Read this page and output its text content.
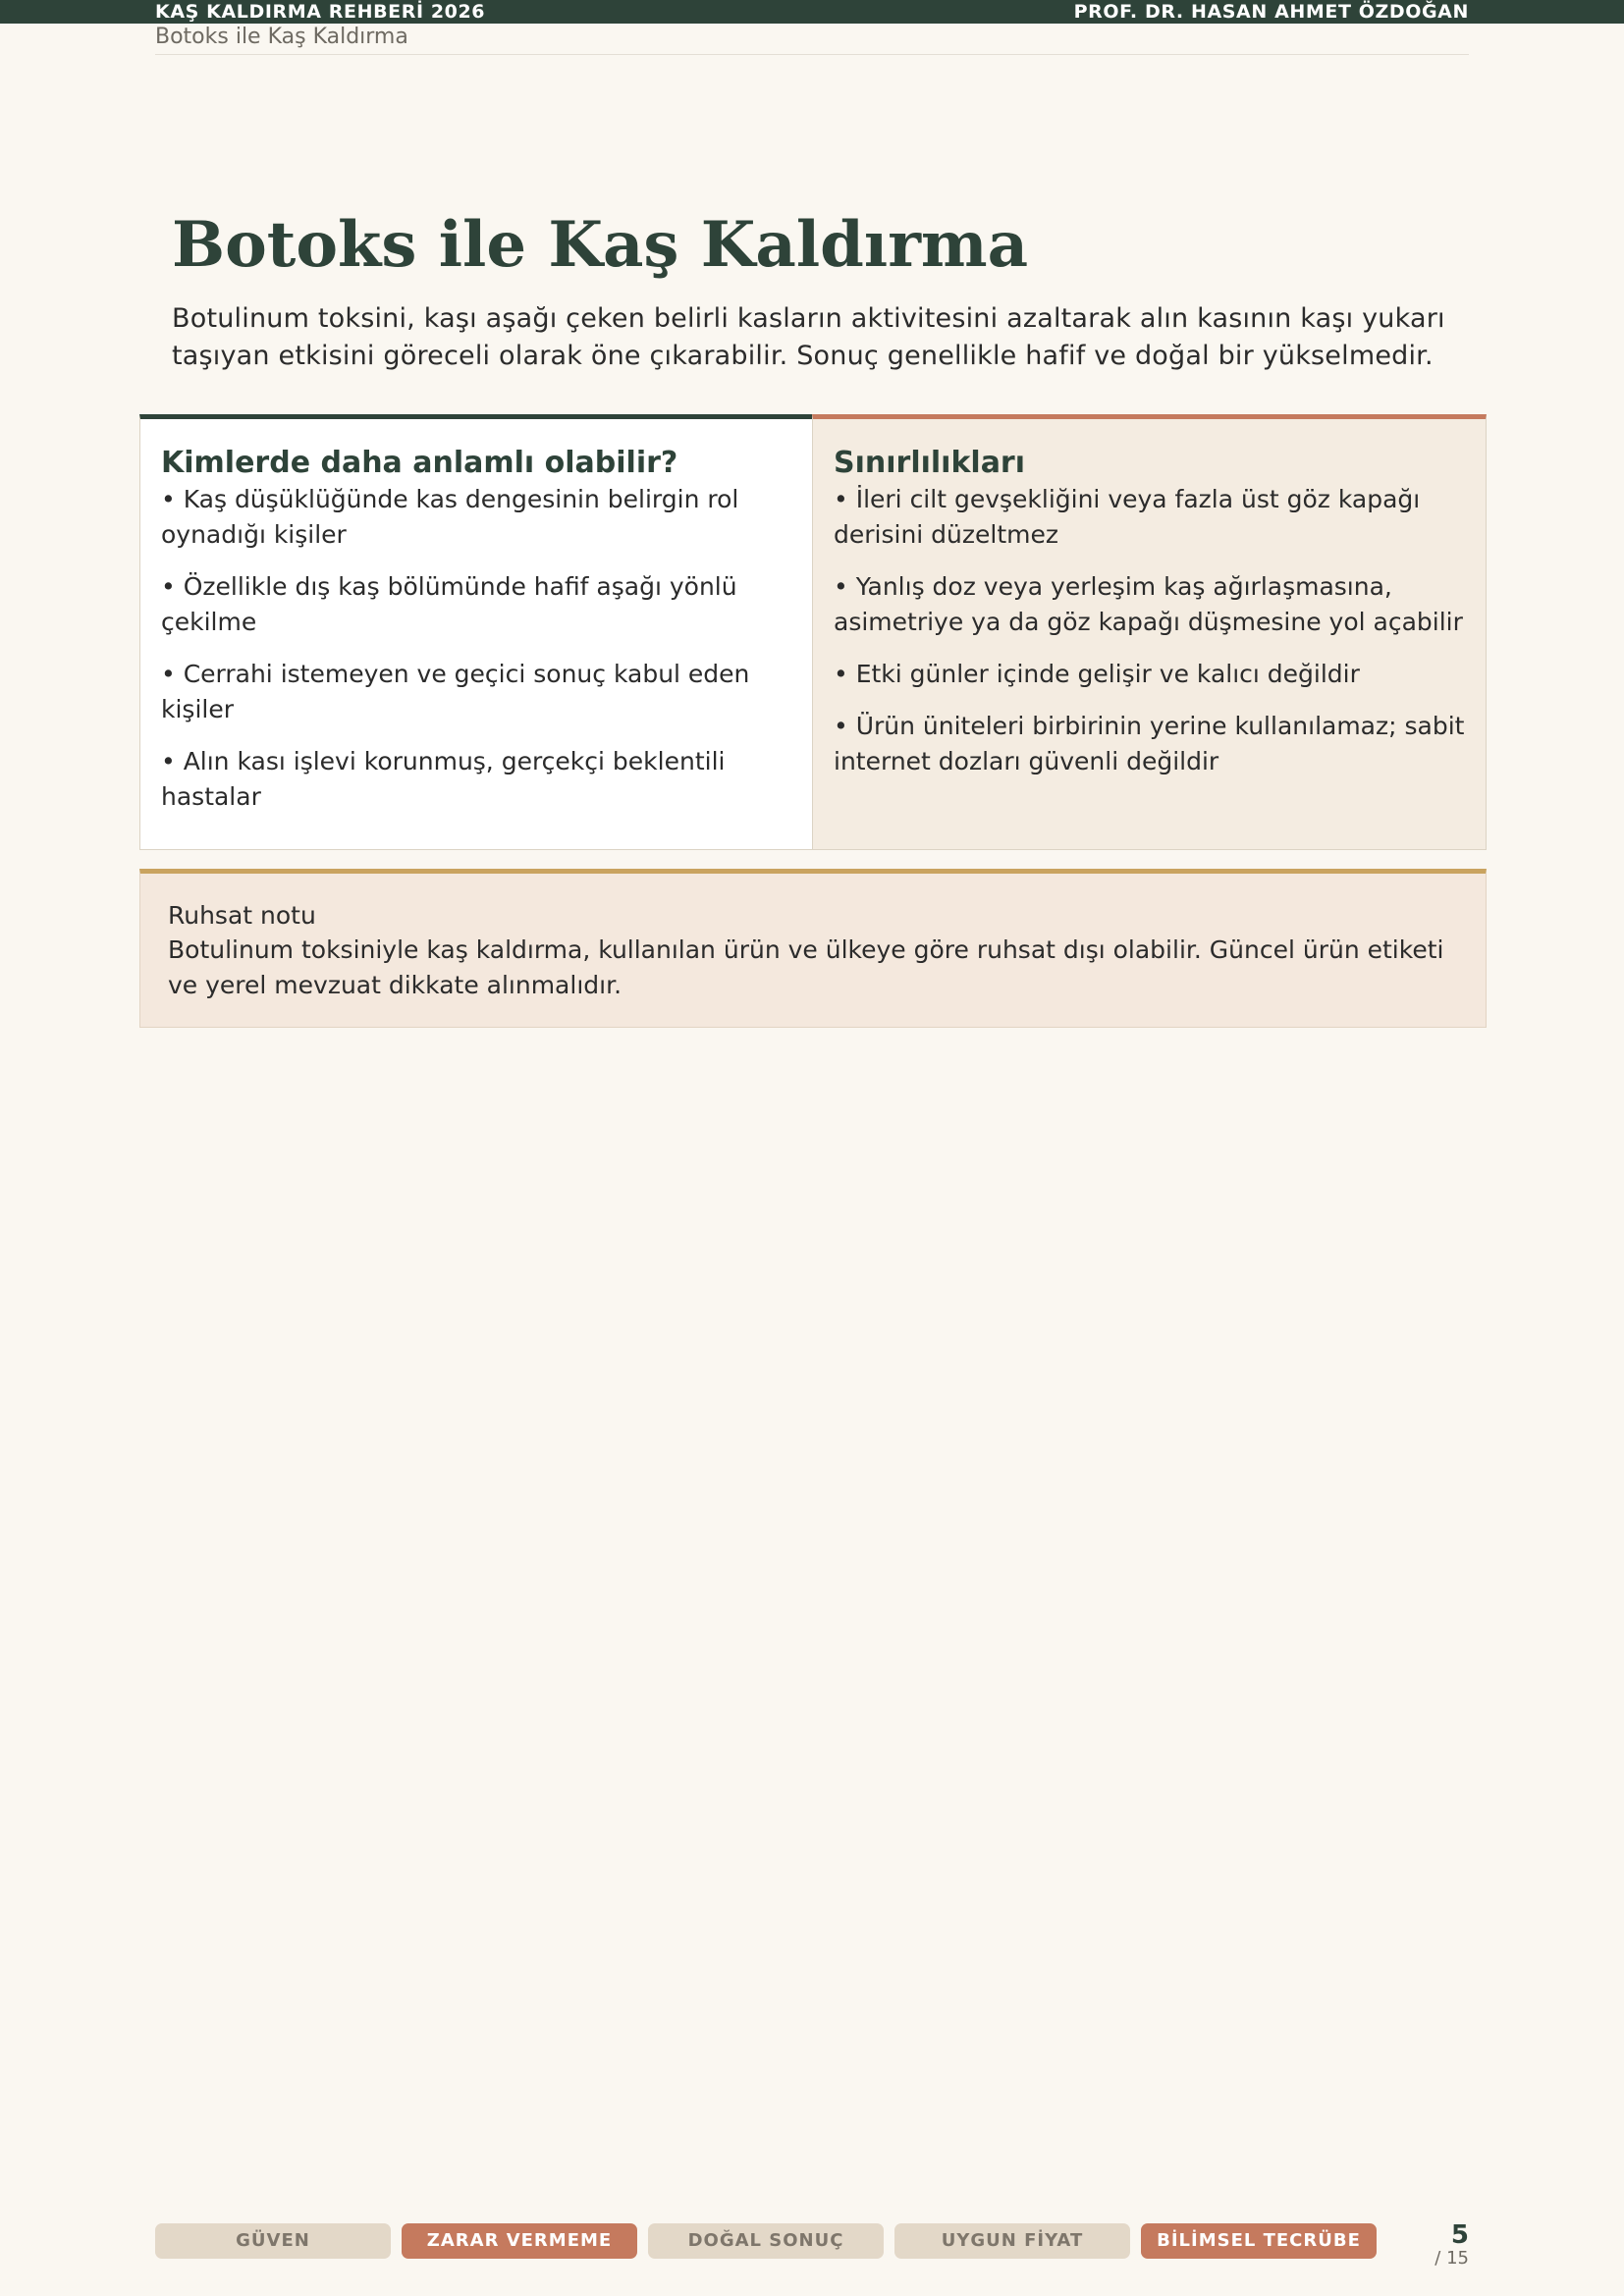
KAŞ KALDIRMA REHBERİ 2026	PROF. DR. HASAN AHMET ÖZDOĞAN
Botoks ile Kaş Kaldırma
Botoks ile Kaş Kaldırma

Botulinum toksini, kaşı aşağı çeken belirli kasların aktivitesini azaltarak alın kasının kaşı yukarı taşıyan etkisini göreceli olarak öne çıkarabilir. Sonuç genellikle hafif ve doğal bir yükselmedir.

Kimlerde daha anlamlı olabilir?
• Kaş düşüklüğünde kas dengesinin belirgin rol oynadığı kişiler
• Özellikle dış kaş bölümünde hafif aşağı yönlü çekilme
• Cerrahi istemeyen ve geçici sonuç kabul eden kişiler
• Alın kası işlevi korunmuş, gerçekçi beklentili hastalar
Sınırlılıkları
• İleri cilt gevşekliğini veya fazla üst göz kapağı derisini düzeltmez
• Yanlış doz veya yerleşim kaş ağırlaşmasına, asimetriye ya da göz kapağı düşmesine yol açabilir
• Etki günler içinde gelişir ve kalıcı değildir
• Ürün üniteleri birbirinin yerine kullanılamaz; sabit internet dozları güvenli değildir
Ruhsat notu
Botulinum toksiniyle kaş kaldırma, kullanılan ürün ve ülkeye göre ruhsat dışı olabilir. Güncel ürün etiketi ve yerel mevzuat dikkate alınmalıdır.
GÜVEN	ZARAR VERMEME	DOĞAL SONUÇ	UYGUN FİYAT	BİLİMSEL TECRÜBE	5
/ 15
